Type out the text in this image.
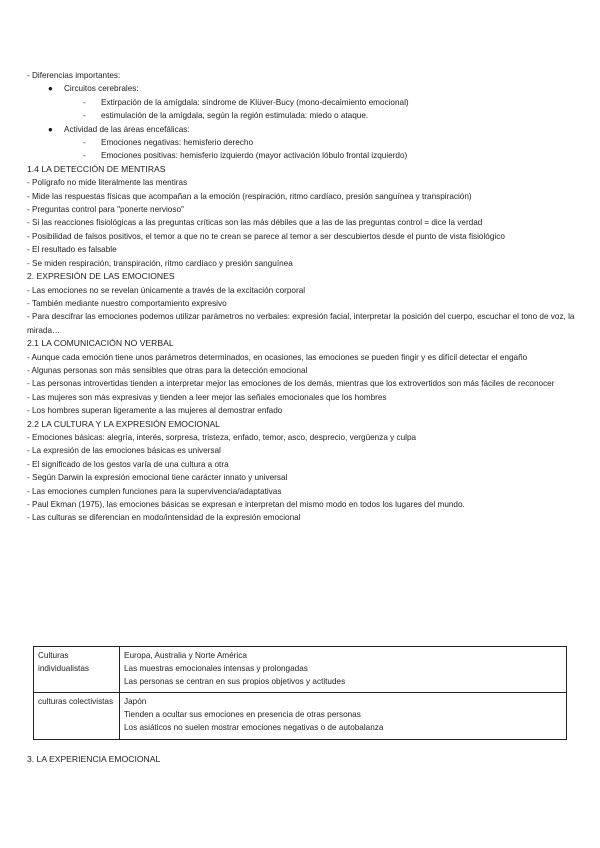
- Diferencias importantes:

● Circuitos cerebrales:

- Extirpación de la amígdala: síndrome de Klüver-Bucy (mono-decaimiento emocional)

- estimulación de la amígdala, según la región estimulada: miedo o ataque.

● Actividad de las áreas encefálicas:

- Emociones negativas: hemisferio derecho

- Emociones positivas: hemisferio izquierdo (mayor activación lóbulo frontal izquierdo)

1.4 LA DETECCIÓN DE MENTIRAS

- Polígrafo no mide literalmente las mentiras

- Mide las respuestas físicas que acompañan a la emoción (respiración, ritmo cardíaco, presión sanguínea y transpiración)

- Preguntas control para "ponerte nervioso"

- Si las reacciones fisiológicas a las preguntas críticas son las más débiles que a las de las preguntas control = dice la verdad

- Posibilidad de falsos positivos, el temor a que no te crean se parece al temor a ser descubiertos desde el punto de vista fisiológico

- El resultado es falsable

- Se miden respiración, transpiración, ritmo cardíaco y presión sanguínea

2. EXPRESIÓN DE LAS EMOCIONES

- Las emociones no se revelan únicamente a través de la excitación corporal

- También mediante nuestro comportamiento expresivo

- Para descifrar las emociones podemos utilizar parámetros no verbales: expresión facial, interpretar la posición del cuerpo, escuchar el tono de voz, la mirada…

2.1 LA COMUNICACIÓN NO VERBAL

- Aunque cada emoción tiene unos parámetros determinados, en ocasiones, las emociones se pueden fingir y es difícil detectar el engaño

- Algunas personas son más sensibles que otras para la detección emocional

- Las personas introvertidas tienden a interpretar mejor las emociones de los demás, mientras que los extrovertidos son más fáciles de reconocer

- Las mujeres son más expresivas y tienden a leer mejor las señales emocionales que los hombres

- Los hombres superan ligeramente a las mujeres al demostrar enfado

2.2 LA CULTURA Y LA EXPRESIÓN EMOCIONAL

- Emociones básicas: alegría, interés, sorpresa, tristeza, enfado, temor, asco, desprecio, vergüenza y culpa

- La expresión de las emociones básicas es universal

- El significado de los gestos varía de una cultura a otra

- Según Darwin la expresión emocional tiene carácter innato y universal

- Las emociones cumplen funciones para la supervivencia/adaptativas

- Paul Ekman (1975), las emociones básicas se expresan e interpretan del mismo modo en todos los lugares del mundo.

- Las culturas se diferencian en modo/intensidad de la expresión emocional

Culturas individualistas	Europa, Australia y Norte América
Las muestras emocionales intensas y prolongadas
Las personas se centran en sus propios objetivos y actitudes

culturas colectivistas	Japón
Tienden a ocultar sus emociones en presencia de otras personas
Los asiáticos no suelen mostrar emociones negativas o de autobalanza

3. LA EXPERIENCIA EMOCIONAL
